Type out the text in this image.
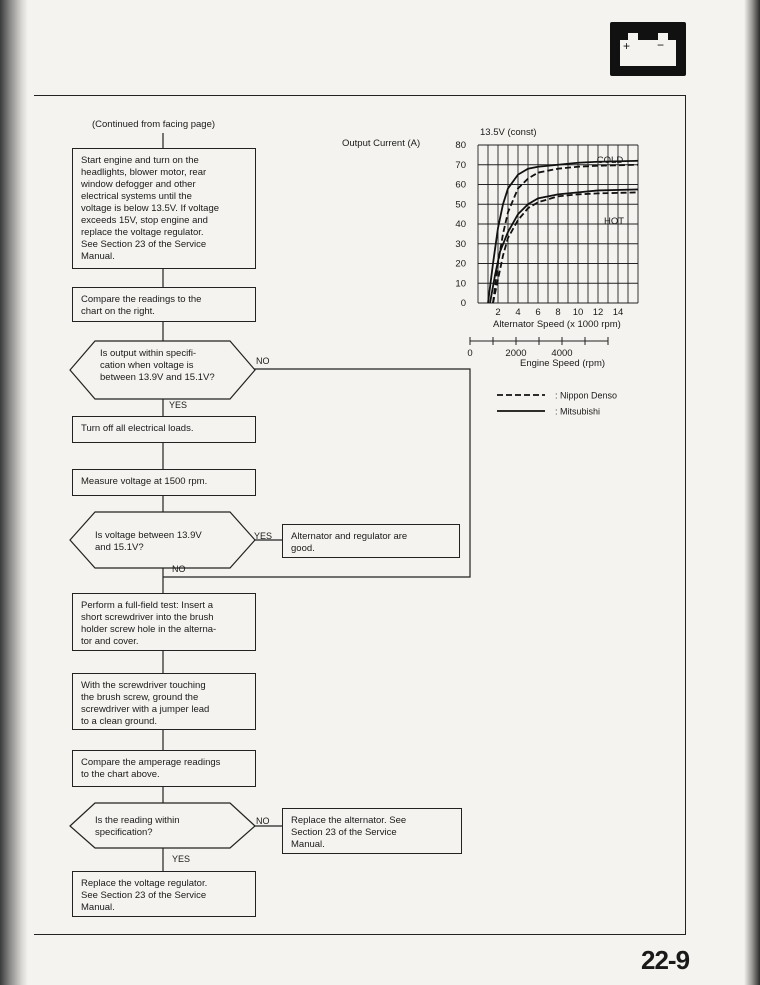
+ −
(Continued from facing page)
Start engine and turn on the
headlights, blower motor, rear
window defogger and other
electrical systems until the
voltage is below 13.5V. If voltage
exceeds 15V, stop engine and
replace the voltage regulator.
See Section 23 of the Service
Manual.
Compare the readings to the
chart on the right.
Is output within specifi-
cation when voltage is
between 13.9V and 15.1V?
NO
YES
Turn off all electrical loads.
Measure voltage at 1500 rpm.
Is voltage between 13.9V
and 15.1V?
YES
NO
Alternator and regulator are
good.
Perform a full-field test: Insert a
short screwdriver into the brush
holder screw hole in the alterna-
tor and cover.
With the screwdriver touching
the brush screw, ground the
screwdriver with a jumper lead
to a clean ground.
Compare the amperage readings
to the chart above.
Is the reading within
specification?
NO
YES
Replace the alternator. See
Section 23 of the Service
Manual.
Replace the voltage regulator.
See Section 23 of the Service
Manual.
Output Current (A)
13.5V (const)
0
10
20
30
40
50
60
70
80
2 4 6 8 10 12 14
0	2000	4000
COLD
HOT
: Nippon Denso
: Mitsubishi
Alternator Speed (x 1000 rpm)
Engine Speed (rpm)
22-9
